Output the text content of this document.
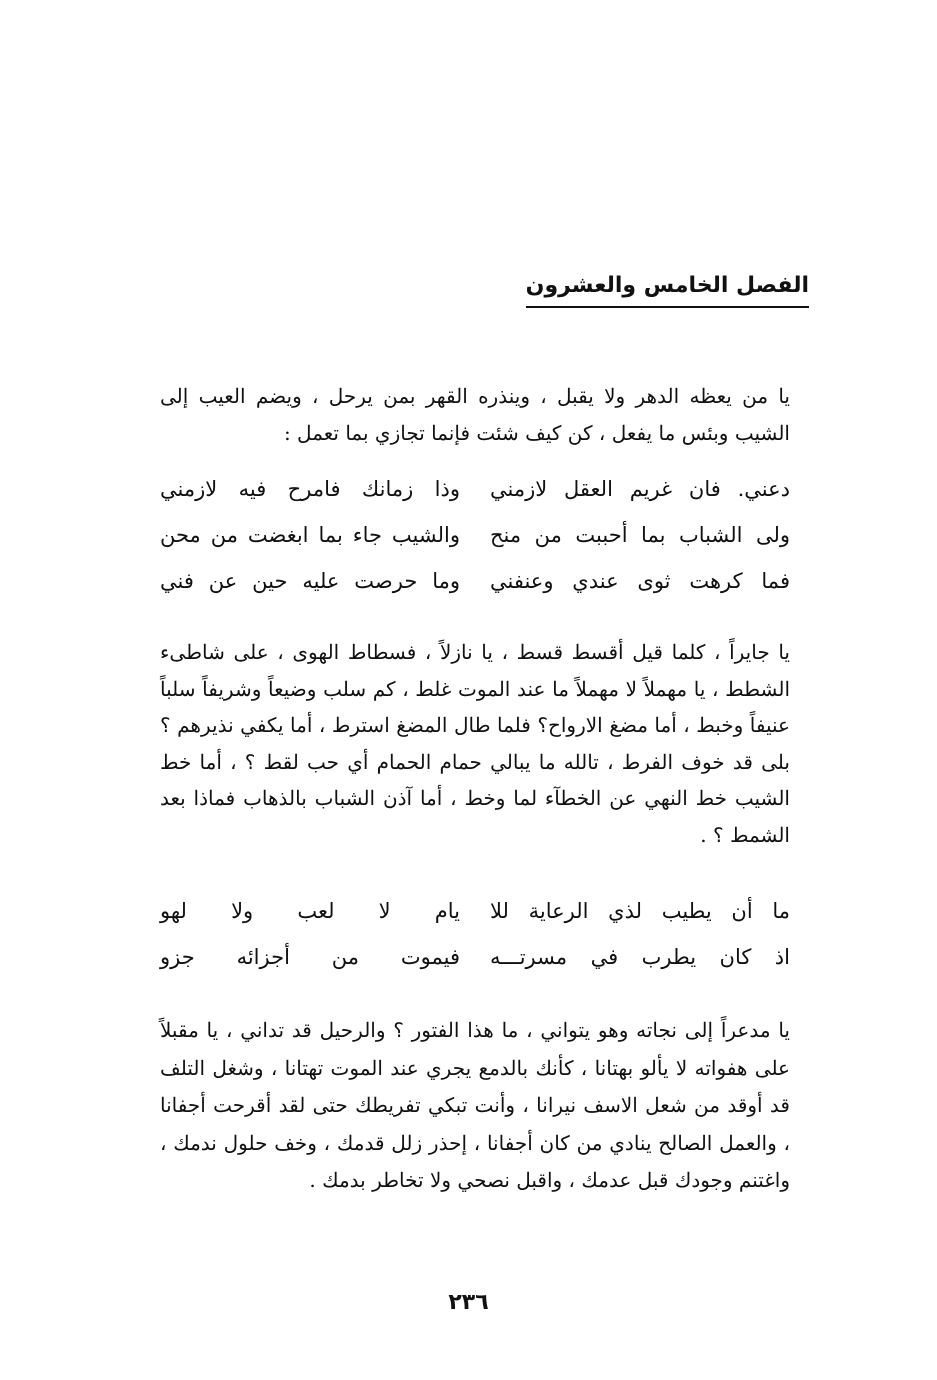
الفصل الخامس والعشرون

يا من يعظه الدهر ولا يقبل ، وينذره القهر بمن يرحل ، ويضم العيب إلى الشيب وبئس ما يفعل ، كن كيف شئت فإنما تجازي بما تعمل :

دعني. فان غريم العقل لازمني
وذا زمانك فامرح فيه لازمني
ولى الشباب بما أحببت من منح
والشيب جاء بما ابغضت من محن
فما كرهت ثوى عندي وعنفني
وما حرصت عليه حين عن فني

يا جايراً ، كلما قيل أقسط قسط ، يا نازلاً ، فسطاط الهوى ، على شاطىء الشطط ، يا مهملاً لا مهملاً ما عند الموت غلط ، كم سلب وضيعاً وشريفاً سلباً عنيفاً وخبط ، أما مضغ الارواح؟ فلما طال المضغ استرط ، أما يكفي نذيرهم ؟ بلى قد خوف الفرط ، تالله ما يبالي حمام الحمام أي حب لقط ؟ ، أما خط الشيب خط النهي عن الخطآء لما وخط ، أما آذن الشباب بالذهاب فماذا بعد الشمط ؟ .

ما أن يطيب لذي الرعاية للا
يام لا لعب ولا لهو
اذ كان يطرب في مسرتـــه
فيموت من أجزائه جزو

يا مدعراً إلى نجاته وهو يتواني ، ما هذا الفتور ؟ والرحيل قد تداني ، يا مقبلاً على هفواته لا يألو بهتانا ، كأنك بالدمع يجري عند الموت تهتانا ، وشغل التلف قد أوقد من شعل الاسف نيرانا ، وأنت تبكي تفريطك حتى لقد أقرحت أجفانا ، والعمل الصالح ينادي من كان أجفانا ، إحذر زلل قدمك ، وخف حلول ندمك ، واغتنم وجودك قبل عدمك ، واقبل نصحي ولا تخاطر بدمك .

٢٣٦
